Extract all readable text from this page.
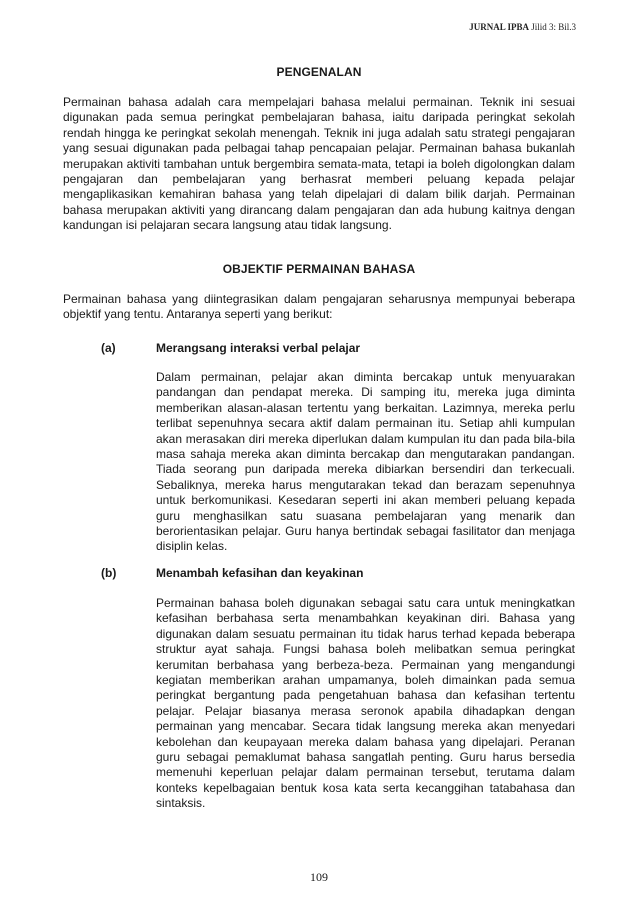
JURNAL IPBA Jilid 3: Bil.3
PENGENALAN
Permainan bahasa adalah cara mempelajari bahasa melalui permainan. Teknik ini sesuai digunakan pada semua peringkat pembelajaran bahasa, iaitu daripada peringkat sekolah rendah hingga ke peringkat sekolah menengah. Teknik ini juga adalah satu strategi pengajaran yang sesuai digunakan pada pelbagai tahap pencapaian pelajar. Permainan bahasa bukanlah merupakan aktiviti tambahan untuk bergembira semata-mata, tetapi ia boleh digolongkan dalam pengajaran dan pembelajaran yang berhasrat memberi peluang kepada pelajar mengaplikasikan kemahiran bahasa yang telah dipelajari di dalam bilik darjah. Permainan bahasa merupakan aktiviti yang dirancang dalam pengajaran dan ada hubung kaitnya dengan kandungan isi pelajaran secara langsung atau tidak langsung.
OBJEKTIF PERMAINAN BAHASA
Permainan bahasa yang diintegrasikan dalam pengajaran seharusnya mempunyai beberapa objektif yang tentu. Antaranya seperti yang berikut:
(a)	Merangsang interaksi verbal pelajar
Dalam permainan, pelajar akan diminta bercakap untuk menyuarakan pandangan dan pendapat mereka. Di samping itu, mereka juga diminta memberikan alasan-alasan tertentu yang berkaitan. Lazimnya, mereka perlu terlibat sepenuhnya secara aktif dalam permainan itu. Setiap ahli kumpulan akan merasakan diri mereka diperlukan dalam kumpulan itu dan pada bila-bila masa sahaja mereka akan diminta bercakap dan mengutarakan pandangan. Tiada seorang pun daripada mereka dibiarkan bersendiri dan terkecuali. Sebaliknya, mereka harus mengutarakan tekad dan berazam sepenuhnya untuk berkomunikasi. Kesedaran seperti ini akan memberi peluang kepada guru menghasilkan satu suasana pembelajaran yang menarik dan berorientasikan pelajar. Guru hanya bertindak sebagai fasilitator dan menjaga disiplin kelas.
(b)	Menambah kefasihan dan keyakinan
Permainan bahasa boleh digunakan sebagai satu cara untuk meningkatkan kefasihan berbahasa serta menambahkan keyakinan diri. Bahasa yang digunakan dalam sesuatu permainan itu tidak harus terhad kepada beberapa struktur ayat sahaja. Fungsi bahasa boleh melibatkan semua peringkat kerumitan berbahasa yang berbeza-beza. Permainan yang mengandungi kegiatan memberikan arahan umpamanya, boleh dimainkan pada semua peringkat bergantung pada pengetahuan bahasa dan kefasihan tertentu pelajar. Pelajar biasanya merasa seronok apabila dihadapkan dengan permainan yang mencabar. Secara tidak langsung mereka akan menyedari kebolehan dan keupayaan mereka dalam bahasa yang dipelajari. Peranan guru sebagai pemaklumat bahasa sangatlah penting. Guru harus bersedia memenuhi keperluan pelajar dalam permainan tersebut, terutama dalam konteks kepelbagaian bentuk kosa kata serta kecanggihan tatabahasa dan sintaksis.
109
